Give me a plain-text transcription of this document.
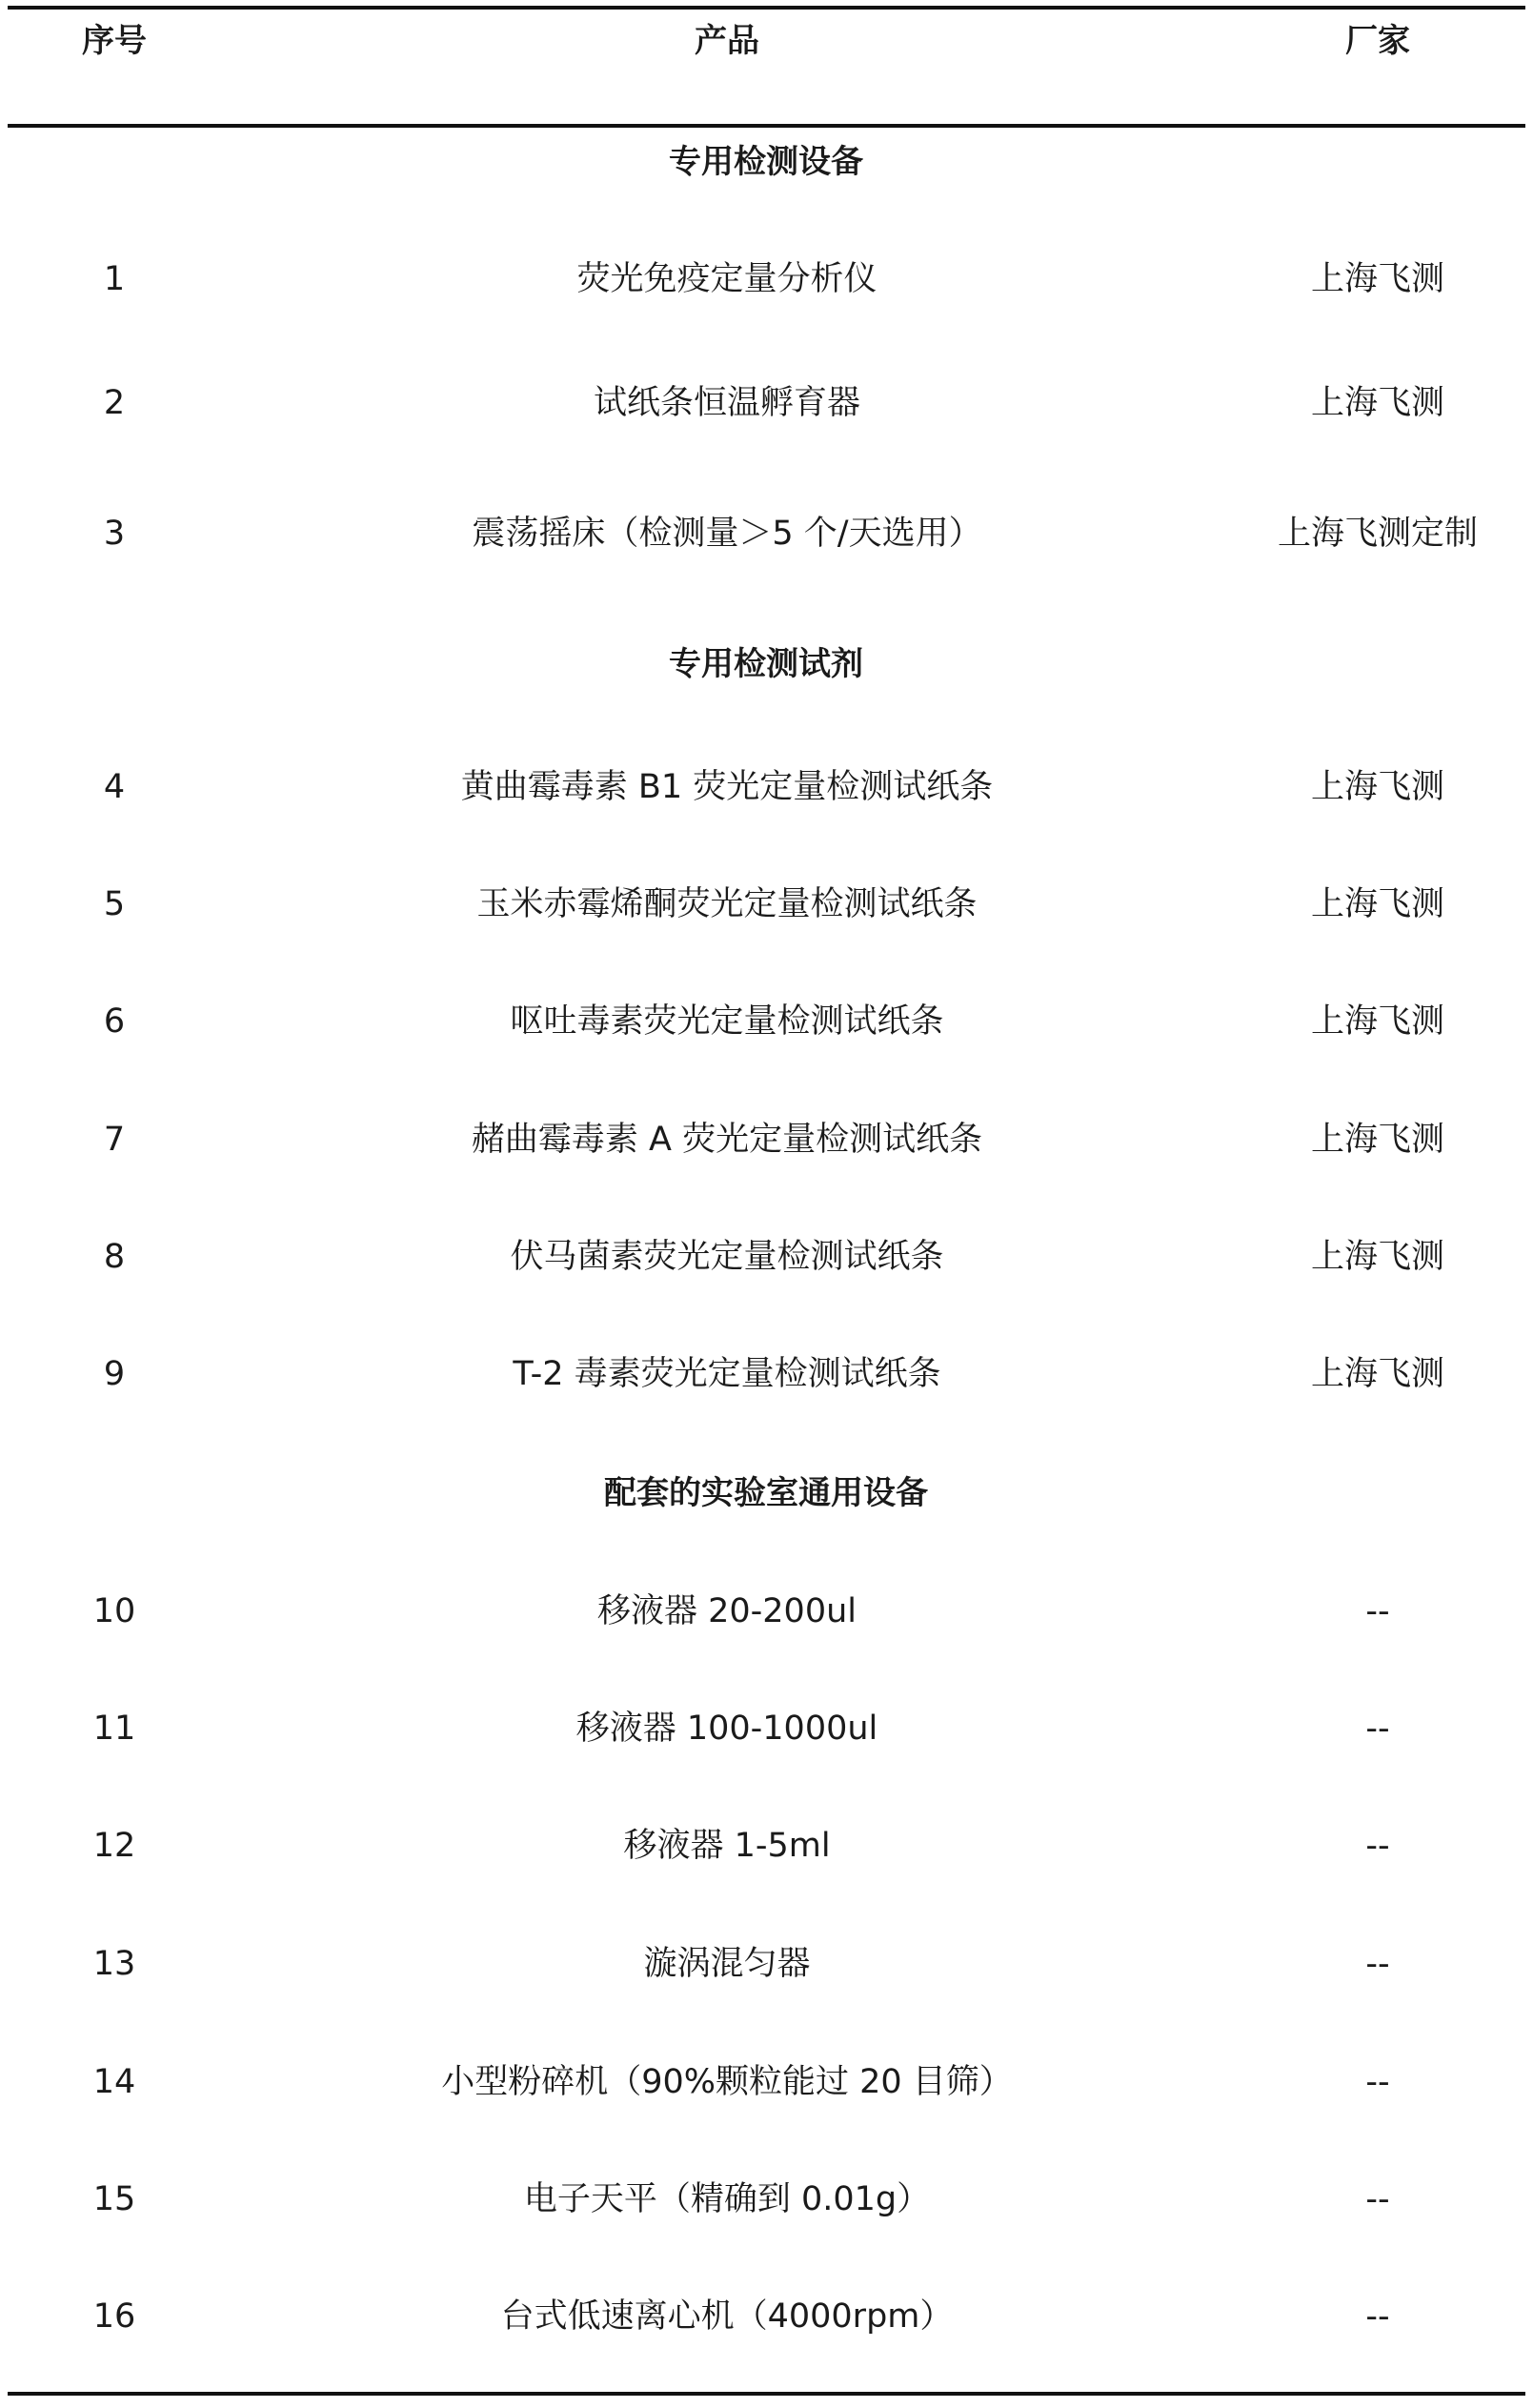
序号	产品	厂家
专用检测设备
1	荧光免疫定量分析仪	上海飞测
2	试纸条恒温孵育器	上海飞测
3	震荡摇床（检测量＞5 个/天选用）	上海飞测定制
专用检测试剂
4	黄曲霉毒素 B1 荧光定量检测试纸条	上海飞测
5	玉米赤霉烯酮荧光定量检测试纸条	上海飞测
6	呕吐毒素荧光定量检测试纸条	上海飞测
7	赭曲霉毒素 A 荧光定量检测试纸条	上海飞测
8	伏马菌素荧光定量检测试纸条	上海飞测
9	T-2 毒素荧光定量检测试纸条	上海飞测
配套的实验室通用设备
10	移液器 20-200ul	--
11	移液器 100-1000ul	--
12	移液器 1-5ml	--
13	漩涡混匀器	--
14	小型粉碎机（90%颗粒能过 20 目筛）	--
15	电子天平（精确到 0.01g）	--
16	台式低速离心机（4000rpm）	--
